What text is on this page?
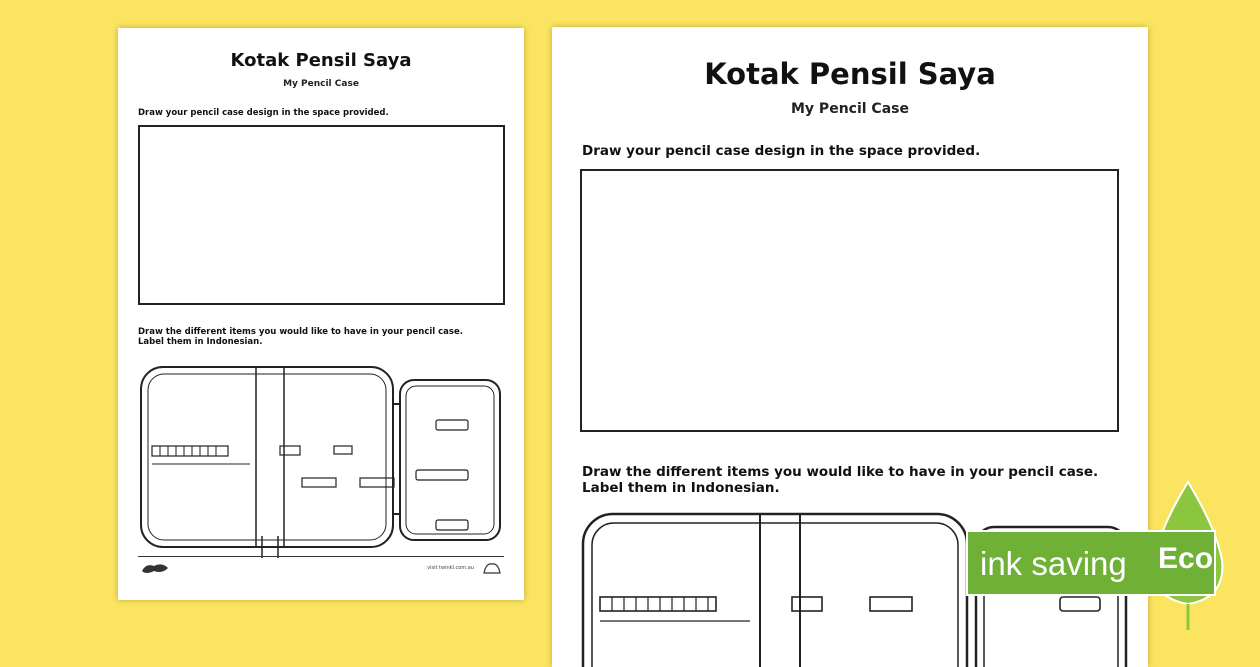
Kotak Pensil Saya
My Pencil Case
Draw your pencil case design in the space provided.
Draw the different items you would like to have in your pencil case.
Label them in Indonesian.
visit twinkl.com.au
Kotak Pensil Saya
My Pencil Case
Draw your pencil case design in the space provided.
Draw the different items you would like to have in your pencil case.
Label them in Indonesian.
ink saving Eco
